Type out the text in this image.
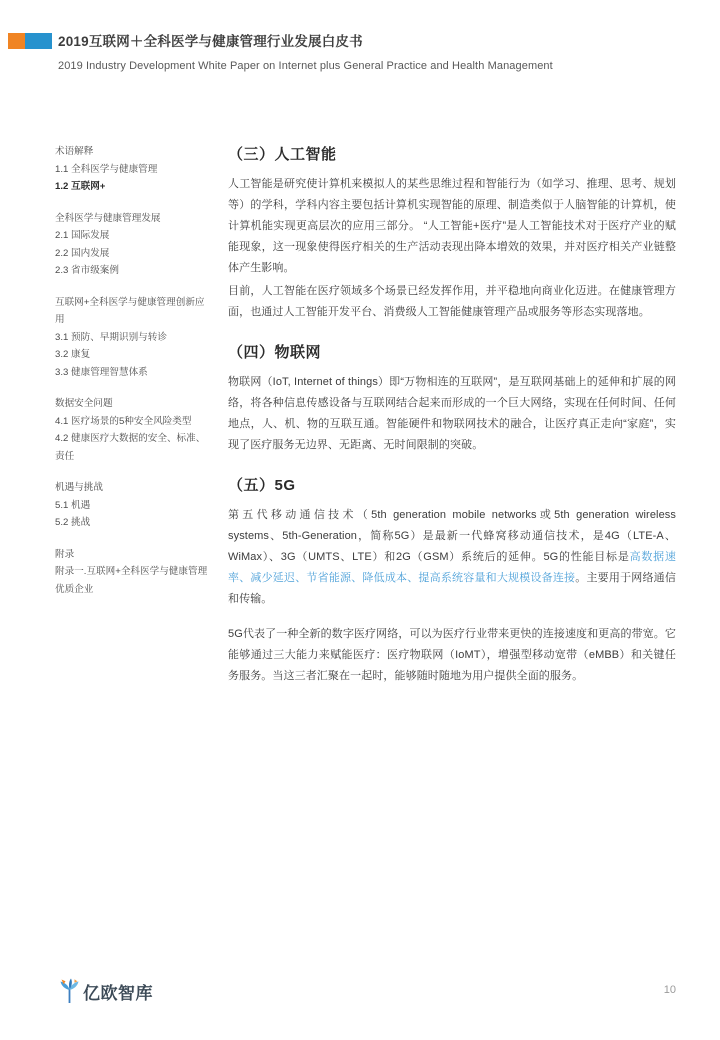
2019互联网＋全科医学与健康管理行业发展白皮书
2019 Industry Development White Paper on Internet plus General Practice and Health Management
术语解释
1.1 全科医学与健康管理
1.2 互联网+
全科医学与健康管理发展
2.1 国际发展
2.2 国内发展
2.3 省市级案例
互联网+全科医学与健康管理创新应用
3.1 预防、早期识别与转诊
3.2 康复
3.3 健康管理智慧体系
数据安全问题
4.1 医疗场景的5种安全风险类型
4.2 健康医疗大数据的安全、标准、责任
机遇与挑战
5.1 机遇
5.2 挑战
附录
附录一.互联网+全科医学与健康管理优质企业
（三）人工智能

人工智能是研究使计算机来模拟人的某些思维过程和智能行为（如学习、推理、思考、规划等）的学科，学科内容主要包括计算机实现智能的原理、制造类似于人脑智能的计算机，使计算机能实现更高层次的应用三部分。 “人工智能+医疗”是人工智能技术对于医疗产业的赋能现象，这一现象使得医疗相关的生产活动表现出降本增效的效果，并对医疗相关产业链整体产生影响。

目前，人工智能在医疗领域多个场景已经发挥作用，并平稳地向商业化迈进。在健康管理方面，也通过人工智能开发平台、消费级人工智能健康管理产品或服务等形态实现落地。

（四）物联网

物联网（IoT, Internet of things）即“万物相连的互联网”，是互联网基础上的延伸和扩展的网络，将各种信息传感设备与互联网结合起来而形成的一个巨大网络，实现在任何时间、任何地点，人、机、物的互联互通。智能硬件和物联网技术的融合，让医疗真正走向“家庭”，实现了医疗服务无边界、无距离、无时间限制的突破。

（五）5G

第五代移动通信技术（5th generation mobile networks或5th generation wireless systems、5th-Generation，简称5G）是最新一代蜂窝移动通信技术，是4G（LTE-A、WiMax）、3G（UMTS、LTE）和2G（GSM）系统后的延伸。5G的性能目标是高数据速率、减少延迟、节省能源、降低成本、提高系统容量和大规模设备连接。主要用于网络通信和传输。

5G代表了一种全新的数字医疗网络，可以为医疗行业带来更快的连接速度和更高的带宽。它能够通过三大能力来赋能医疗：医疗物联网（IoMT），增强型移动宽带（eMBB）和关键任务服务。当这三者汇聚在一起时，能够随时随地为用户提供全面的服务。

亿欧智库	10
